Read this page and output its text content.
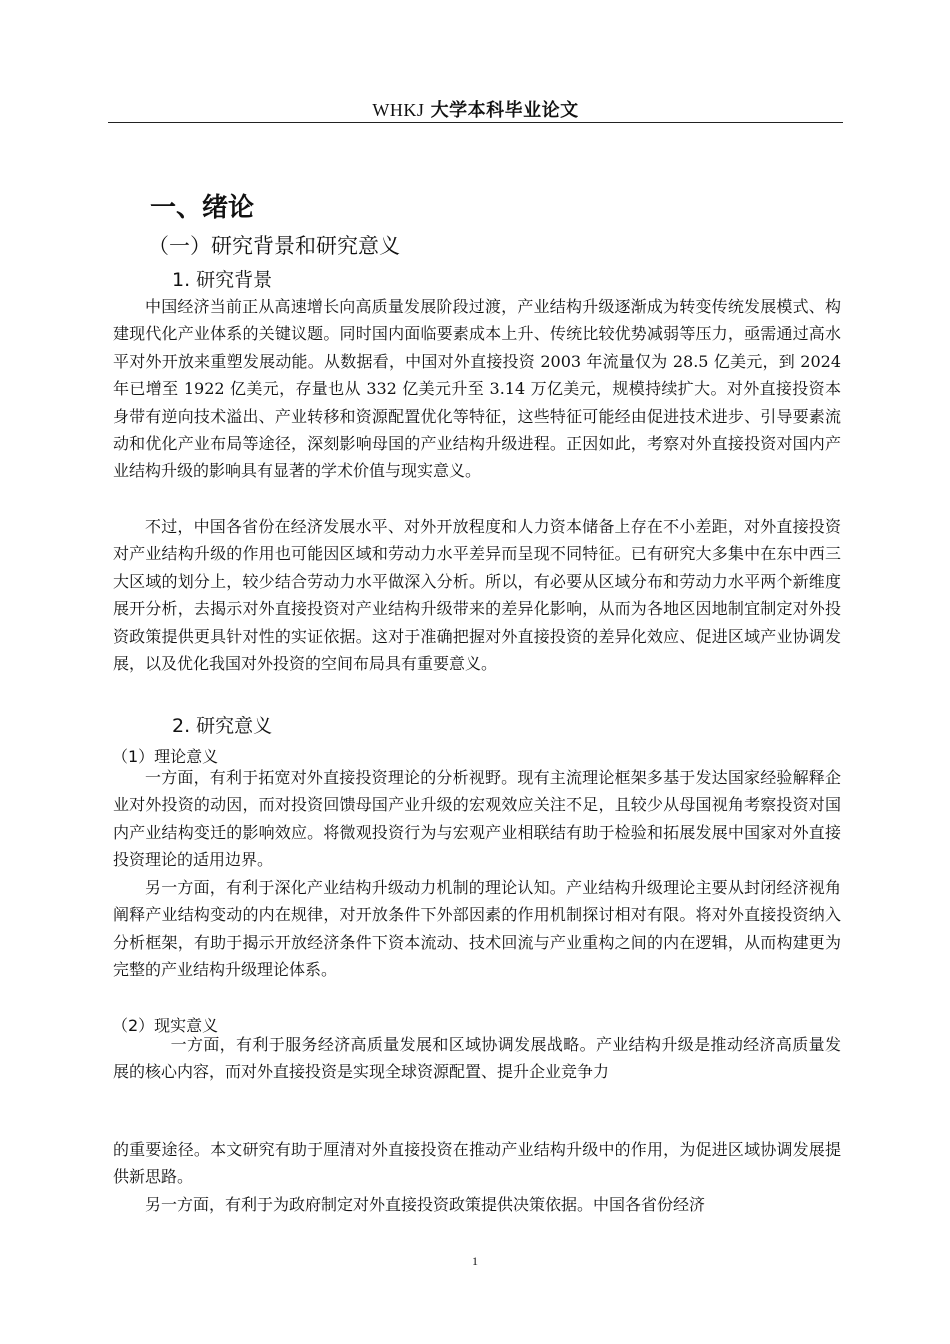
WHKJ 大学本科毕业论文
一、绪论
（一）研究背景和研究意义
1. 研究背景

中国经济当前正从高速增长向高质量发展阶段过渡，产业结构升级逐渐成为转变传统发展模式、构建现代化产业体系的关键议题。同时国内面临要素成本上升、传统比较优势减弱等压力，亟需通过高水平对外开放来重塑发展动能。从数据看，中国对外直接投资 2003 年流量仅为 28.5 亿美元，到 2024 年已增至 1922 亿美元，存量也从 332 亿美元升至 3.14 万亿美元，规模持续扩大。对外直接投资本身带有逆向技术溢出、产业转移和资源配置优化等特征，这些特征可能经由促进技术进步、引导要素流动和优化产业布局等途径，深刻影响母国的产业结构升级进程。正因如此，考察对外直接投资对国内产业结构升级的影响具有显著的学术价值与现实意义。

不过，中国各省份在经济发展水平、对外开放程度和人力资本储备上存在不小差距，对外直接投资对产业结构升级的作用也可能因区域和劳动力水平差异而呈现不同特征。已有研究大多集中在东中西三大区域的划分上，较少结合劳动力水平做深入分析。所以，有必要从区域分布和劳动力水平两个新维度展开分析，去揭示对外直接投资对产业结构升级带来的差异化影响，从而为各地区因地制宜制定对外投资政策提供更具针对性的实证依据。这对于准确把握对外直接投资的差异化效应、促进区域产业协调发展，以及优化我国对外投资的空间布局具有重要意义。

2. 研究意义
（1）理论意义

一方面，有利于拓宽对外直接投资理论的分析视野。现有主流理论框架多基于发达国家经验解释企业对外投资的动因，而对投资回馈母国产业升级的宏观效应关注不足，且较少从母国视角考察投资对国内产业结构变迁的影响效应。将微观投资行为与宏观产业相联结有助于检验和拓展发展中国家对外直接投资理论的适用边界。

另一方面，有利于深化产业结构升级动力机制的理论认知。产业结构升级理论主要从封闭经济视角阐释产业结构变动的内在规律，对开放条件下外部因素的作用机制探讨相对有限。将对外直接投资纳入分析框架，有助于揭示开放经济条件下资本流动、技术回流与产业重构之间的内在逻辑，从而构建更为完整的产业结构升级理论体系。

（2）现实意义

一方面，有利于服务经济高质量发展和区域协调发展战略。产业结构升级是推动经济高质量发展的核心内容，而对外直接投资是实现全球资源配置、提升企业竞争力

的重要途径。本文研究有助于厘清对外直接投资在推动产业结构升级中的作用，为促进区域协调发展提供新思路。

另一方面，有利于为政府制定对外直接投资政策提供决策依据。中国各省份经济

1
